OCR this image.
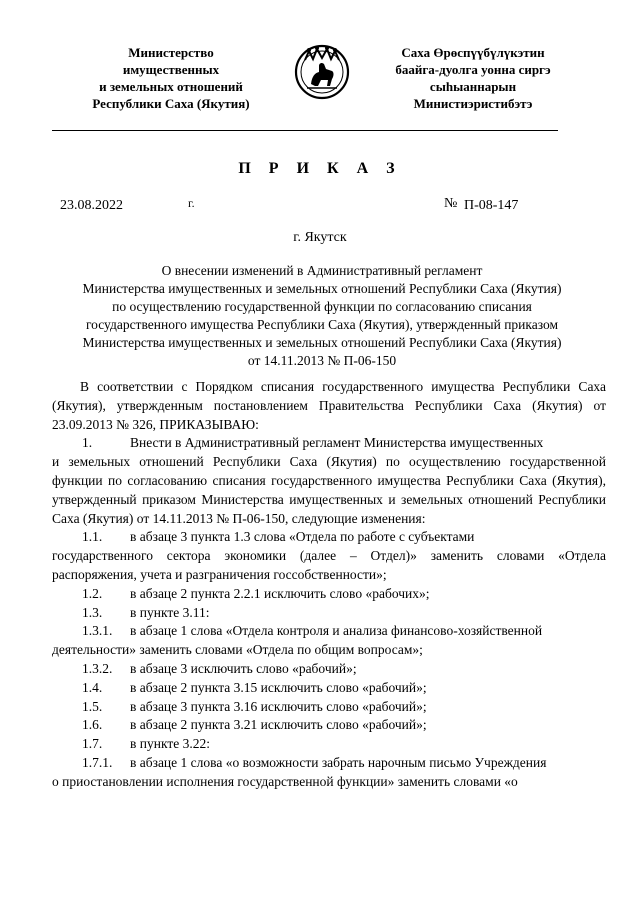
Министерство
имущественных
и земельных отношений
Республики Саха (Якутия)
Саха Өрөспүүбүлүкэтин
баайга-дуолга уонна сиргэ
сыһыаннарын
Министиэристибэтэ
П Р И К А З
23.08.2022	г.	№ П-08-147
г. Якутск
О внесении изменений в Административный регламент
Министерства имущественных и земельных отношений Республики Саха (Якутия)
по осуществлению государственной функции по согласованию списания
государственного имущества Республики Саха (Якутия), утвержденный приказом
Министерства имущественных и земельных отношений Республики Саха (Якутия)
от 14.11.2013 № П-06-150

В соответствии с Порядком списания государственного имущества Республики Саха (Якутия), утвержденным постановлением Правительства Республики Саха (Якутия) от 23.09.2013 № 326, ПРИКАЗЫВАЮ:

1.	Внести в Административный регламент Министерства имущественных

и земельных отношений Республики Саха (Якутия) по осуществлению государственной функции по согласованию списания государственного имущества Республики Саха (Якутия), утвержденный приказом Министерства имущественных и земельных отношений Республики Саха (Якутия) от 14.11.2013 № П-06-150, следующие изменения:

1.1.	в абзаце 3 пункта 1.3 слова «Отдела по работе с субъектами

государственного сектора экономики (далее – Отдел)» заменить словами «Отдела распоряжения, учета и разграничения госсобственности»;

1.2.	в абзаце 2 пункта 2.2.1 исключить слово «рабочих»;
1.3.	в пункте 3.11:
1.3.1.	в абзаце 1 слова «Отдела контроля и анализа финансово-хозяйственной

деятельности» заменить словами «Отдела по общим вопросам»;

1.3.2.	в абзаце 3 исключить слово «рабочий»;
1.4.	в абзаце 2 пункта 3.15 исключить слово «рабочий»;
1.5.	в абзаце 3 пункта 3.16 исключить слово «рабочий»;
1.6.	в абзаце 2 пункта 3.21 исключить слово «рабочий»;
1.7.	в пункте 3.22:
1.7.1.	в абзаце 1 слова «о возможности забрать нарочным письмо Учреждения

о приостановлении исполнения государственной функции» заменить словами «о
